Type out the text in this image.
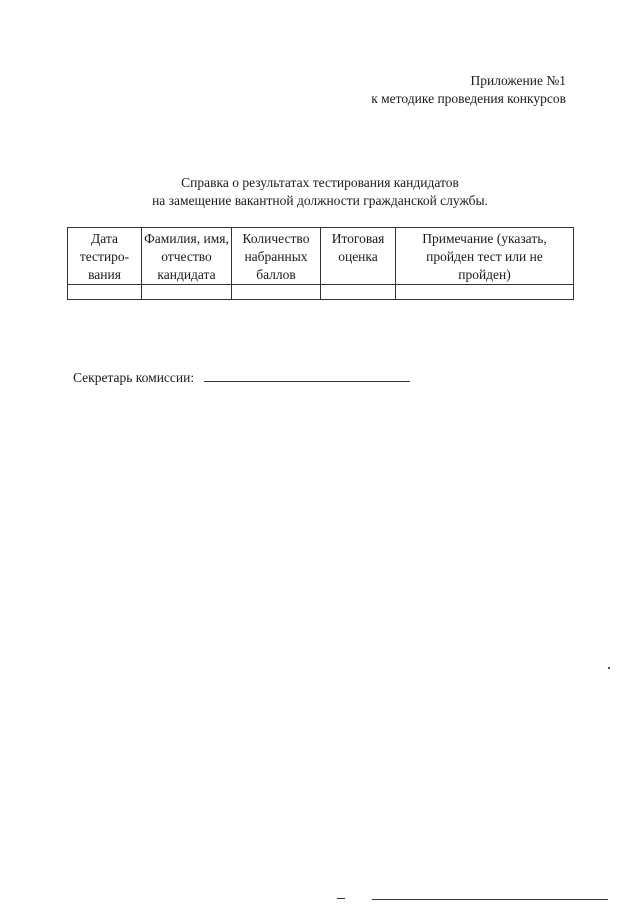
Приложение №1
к методике проведения конкурсов
Справка о результатах тестирования кандидатов
на замещение вакантной должности гражданской службы.
Дата тестиро-вания	Фамилия, имя, отчество кандидата	Количество набранных баллов	Итоговая оценка	Примечание (указать, пройден тест или не пройден)

Секретарь комиссии:
